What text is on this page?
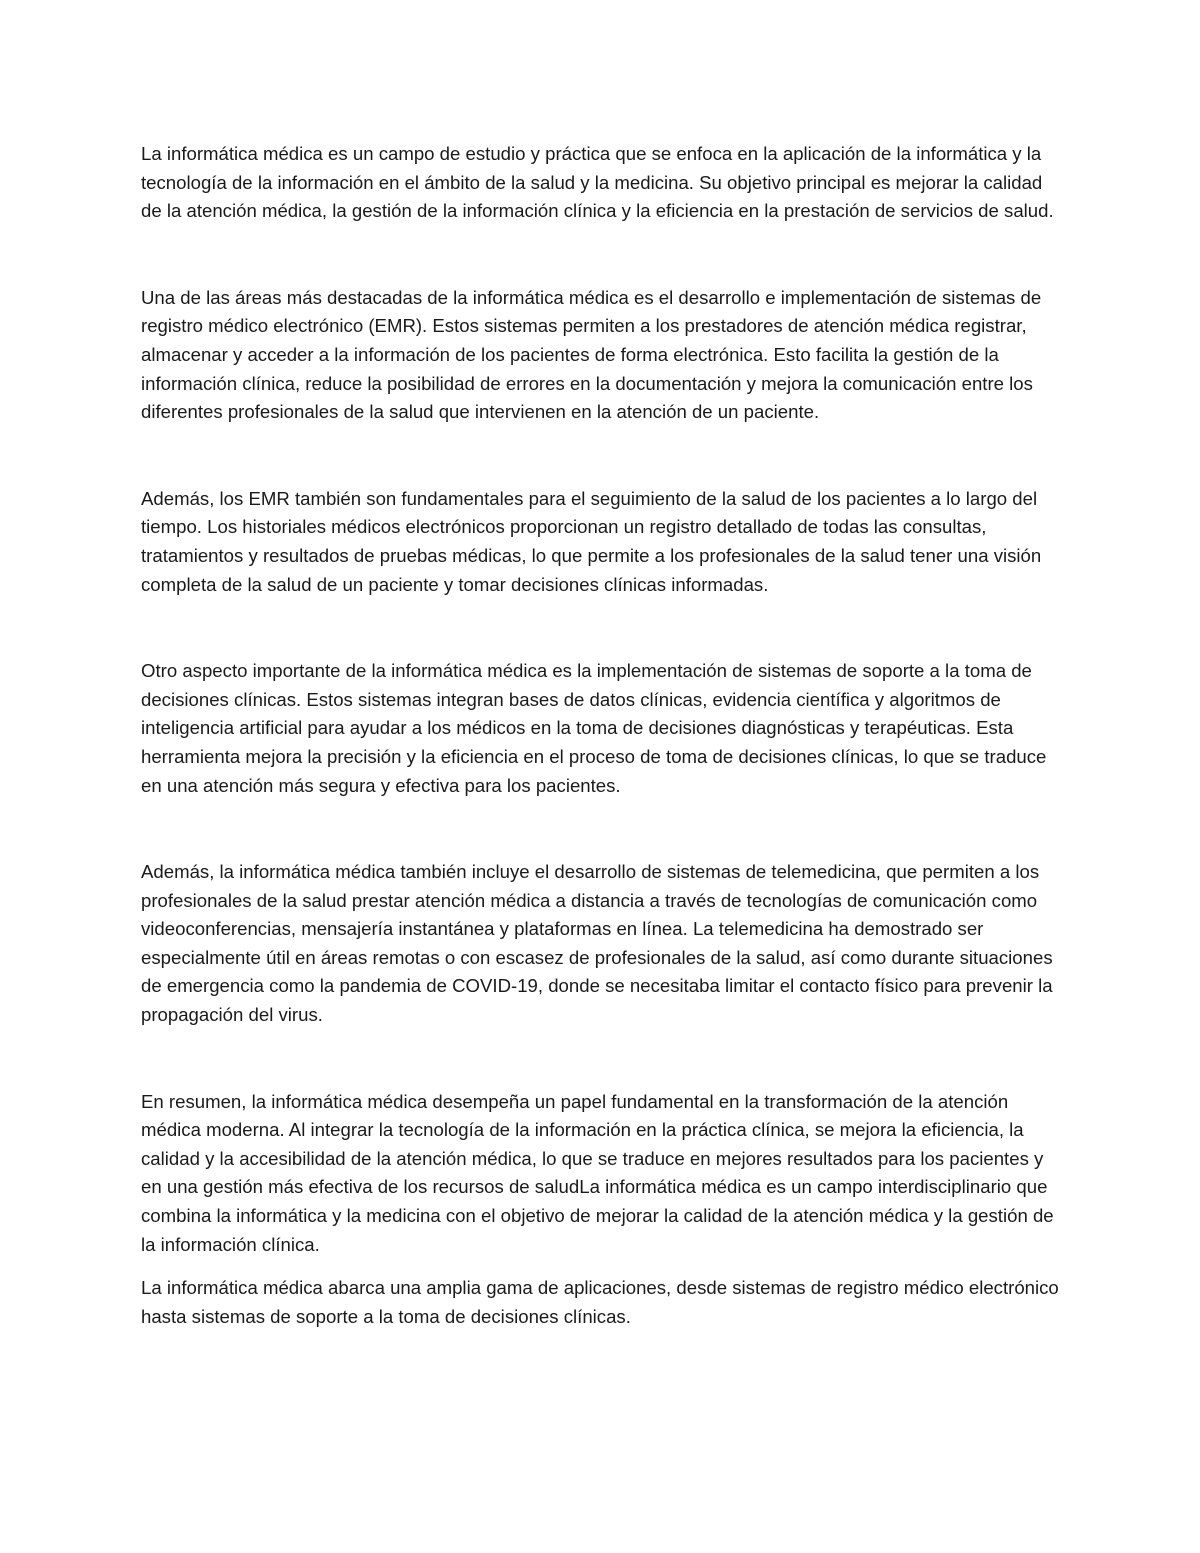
La informática médica es un campo de estudio y práctica que se enfoca en la aplicación de la informática y la tecnología de la información en el ámbito de la salud y la medicina. Su objetivo principal es mejorar la calidad de la atención médica, la gestión de la información clínica y la eficiencia en la prestación de servicios de salud.

Una de las áreas más destacadas de la informática médica es el desarrollo e implementación de sistemas de registro médico electrónico (EMR). Estos sistemas permiten a los prestadores de atención médica registrar, almacenar y acceder a la información de los pacientes de forma electrónica. Esto facilita la gestión de la información clínica, reduce la posibilidad de errores en la documentación y mejora la comunicación entre los diferentes profesionales de la salud que intervienen en la atención de un paciente.

Además, los EMR también son fundamentales para el seguimiento de la salud de los pacientes a lo largo del tiempo. Los historiales médicos electrónicos proporcionan un registro detallado de todas las consultas, tratamientos y resultados de pruebas médicas, lo que permite a los profesionales de la salud tener una visión completa de la salud de un paciente y tomar decisiones clínicas informadas.

Otro aspecto importante de la informática médica es la implementación de sistemas de soporte a la toma de decisiones clínicas. Estos sistemas integran bases de datos clínicas, evidencia científica y algoritmos de inteligencia artificial para ayudar a los médicos en la toma de decisiones diagnósticas y terapéuticas. Esta herramienta mejora la precisión y la eficiencia en el proceso de toma de decisiones clínicas, lo que se traduce en una atención más segura y efectiva para los pacientes.

Además, la informática médica también incluye el desarrollo de sistemas de telemedicina, que permiten a los profesionales de la salud prestar atención médica a distancia a través de tecnologías de comunicación como videoconferencias, mensajería instantánea y plataformas en línea. La telemedicina ha demostrado ser especialmente útil en áreas remotas o con escasez de profesionales de la salud, así como durante situaciones de emergencia como la pandemia de COVID-19, donde se necesitaba limitar el contacto físico para prevenir la propagación del virus.

En resumen, la informática médica desempeña un papel fundamental en la transformación de la atención médica moderna. Al integrar la tecnología de la información en la práctica clínica, se mejora la eficiencia, la calidad y la accesibilidad de la atención médica, lo que se traduce en mejores resultados para los pacientes y en una gestión más efectiva de los recursos de saludLa informática médica es un campo interdisciplinario que combina la informática y la medicina con el objetivo de mejorar la calidad de la atención médica y la gestión de la información clínica.

La informática médica abarca una amplia gama de aplicaciones, desde sistemas de registro médico electrónico hasta sistemas de soporte a la toma de decisiones clínicas.
